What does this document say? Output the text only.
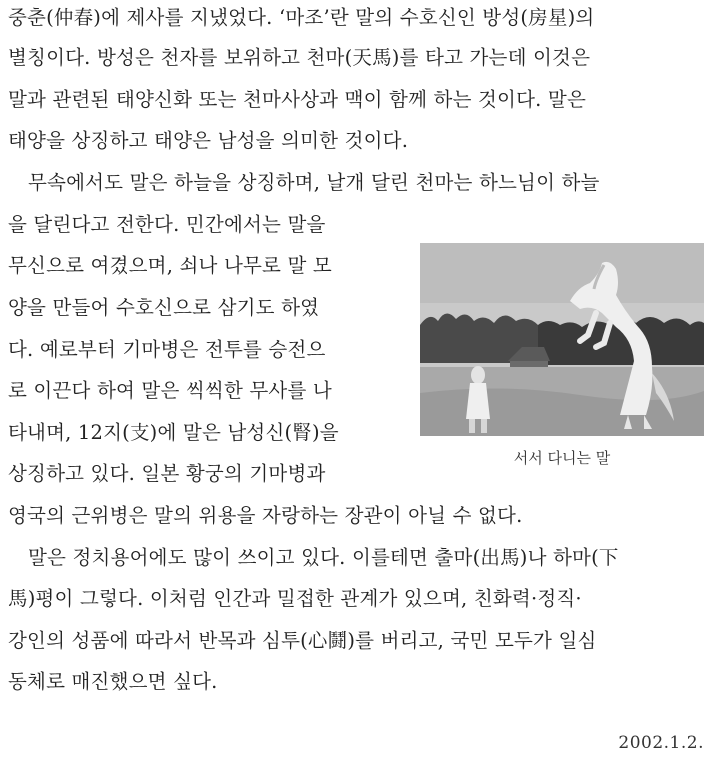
중춘(仲春)에 제사를 지냈었다. ‘마조’란 말의 수호신인 방성(房星)의
별칭이다. 방성은 천자를 보위하고 천마(天馬)를 타고 가는데 이것은
말과 관련된 태양신화 또는 천마사상과 맥이 함께 하는 것이다. 말은
태양을 상징하고 태양은 남성을 의미한 것이다.
무속에서도 말은 하늘을 상징하며, 날개 달린 천마는 하느님이 하늘
을 달린다고 전한다. 민간에서는 말을
무신으로 여겼으며, 쇠나 나무로 말 모
양을 만들어 수호신으로 삼기도 하였
다. 예로부터 기마병은 전투를 승전으
로 이끈다 하여 말은 씩씩한 무사를 나
타내며, 12지(支)에 말은 남성신(腎)을
상징하고 있다. 일본 황궁의 기마병과
영국의 근위병은 말의 위용을 자랑하는 장관이 아닐 수 없다.
말은 정치용어에도 많이 쓰이고 있다. 이를테면 출마(出馬)나 하마(下
馬)평이 그렇다. 이처럼 인간과 밀접한 관계가 있으며, 친화력·정직·
강인의 성품에 따라서 반목과 심투(心鬪)를 버리고, 국민 모두가 일심
동체로 매진했으면 싶다.
서서 다니는 말
2002.1.2.
